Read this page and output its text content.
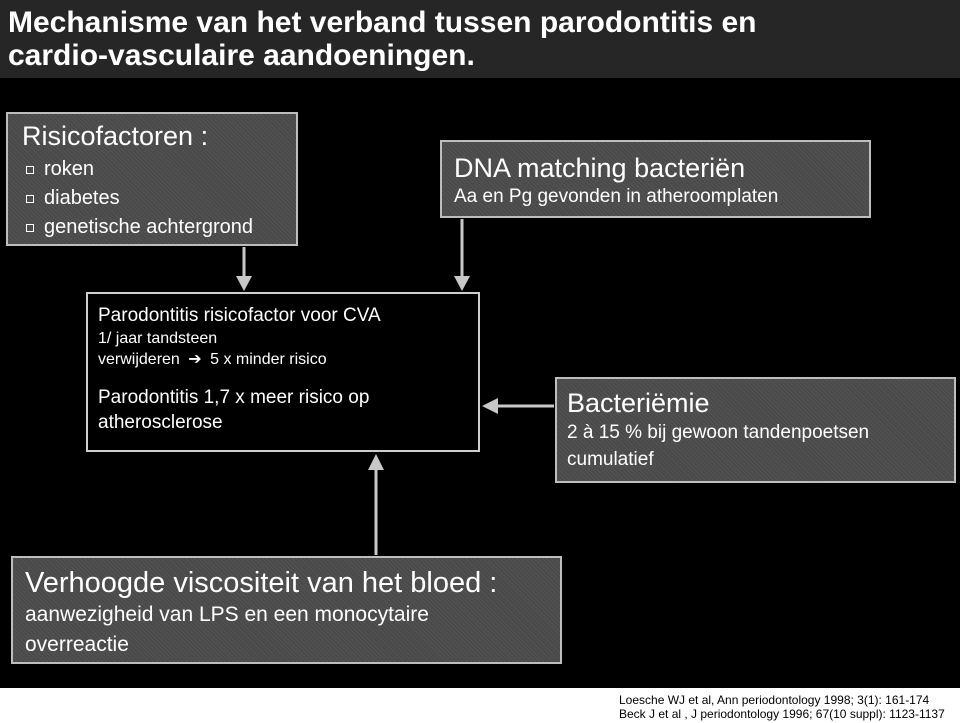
Mechanisme van het verband tussen parodontitis en
cardio-vasculaire aandoeningen.
Risicofactoren :
roken
diabetes
genetische achtergrond
DNA matching bacteriën
Aa en Pg gevonden in atheroomplaten
Parodontitis risicofactor voor CVA
1/ jaar tandsteen
verwijderen ➔ 5 x minder risico
Parodontitis 1,7 x meer risico op
atherosclerose
Bacteriëmie
2 à 15 % bij gewoon tandenpoetsen
cumulatief
Verhoogde viscositeit van het bloed :
aanwezigheid van LPS en een monocytaire
overreactie
Loesche WJ et al, Ann periodontology 1998; 3(1): 161-174
Beck J et al , J periodontology 1996; 67(10 suppl): 1123-1137
